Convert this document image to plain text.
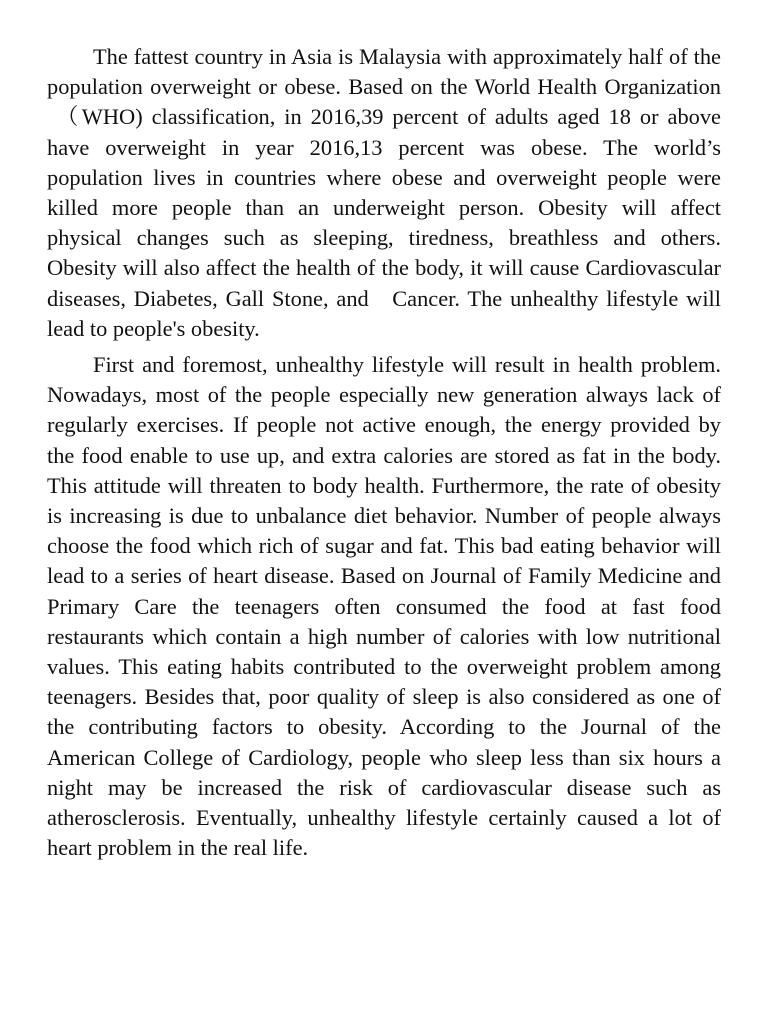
The fattest country in Asia is Malaysia with approximately half of the population overweight or obese. Based on the World Health Organization  （WHO) classification, in 2016,39 percent of adults aged 18 or above have overweight in year 2016,13 percent was obese. The world’s population lives in countries where obese and overweight people were killed more people than an underweight person. Obesity will affect physical changes such as sleeping, tiredness, breathless and others. Obesity will also affect the health of the body, it will cause Cardiovascular diseases, Diabetes, Gall Stone, and   Cancer. The unhealthy lifestyle will lead to people's obesity.

First and foremost, unhealthy lifestyle will result in health problem. Nowadays, most of the people especially new generation always lack of regularly exercises. If people not active enough, the energy provided by the food enable to use up, and extra calories are stored as fat in the body. This attitude will threaten to body health. Furthermore, the rate of obesity is increasing is due to unbalance diet behavior. Number of people always choose the food which rich of sugar and fat. This bad eating behavior will lead to a series of heart disease. Based on Journal of Family Medicine and Primary Care the teenagers often consumed the food at fast food restaurants which contain a high number of calories with low nutritional values. This eating habits contributed to the overweight problem among teenagers. Besides that, poor quality of sleep is also considered as one of the contributing factors to obesity. According to the Journal of the American College of Cardiology, people who sleep less than six hours a night may be increased the risk of cardiovascular disease such as atherosclerosis. Eventually, unhealthy lifestyle certainly caused a lot of heart problem in the real life.
